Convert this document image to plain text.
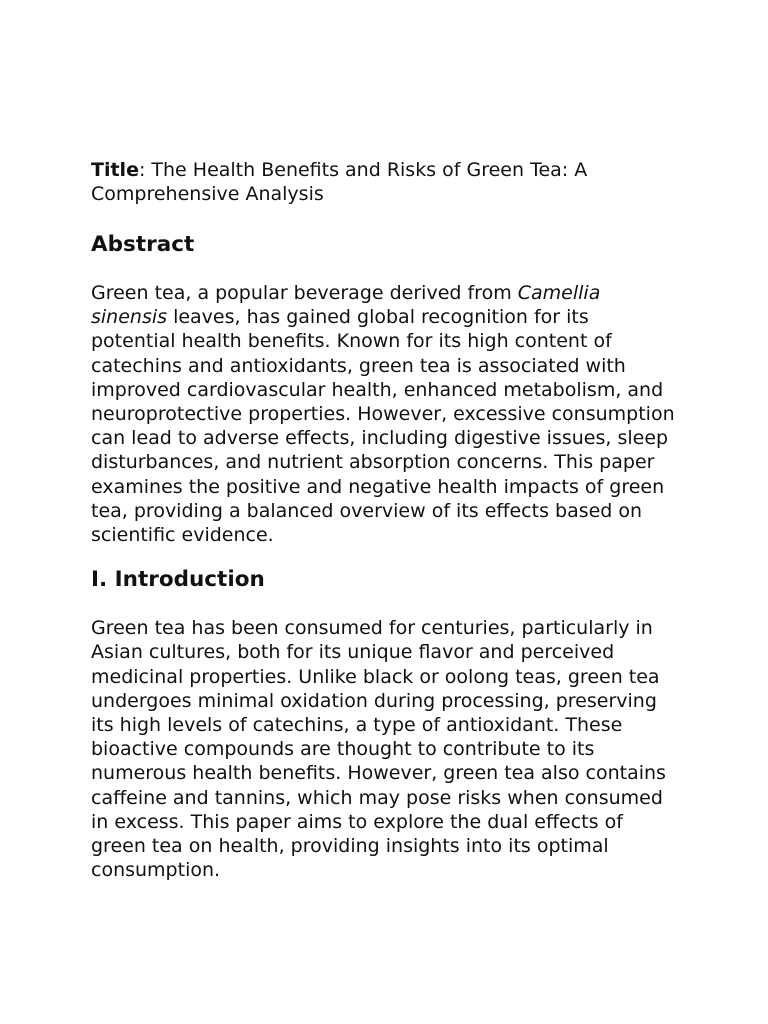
Title: The Health Benefits and Risks of Green Tea: A Comprehensive Analysis

Abstract

Green tea, a popular beverage derived from Camellia sinensis leaves, has gained global recognition for its potential health benefits. Known for its high content of catechins and antioxidants, green tea is associated with improved cardiovascular health, enhanced metabolism, and neuroprotective properties. However, excessive consumption can lead to adverse effects, including digestive issues, sleep disturbances, and nutrient absorption concerns. This paper examines the positive and negative health impacts of green tea, providing a balanced overview of its effects based on scientific evidence.

I. Introduction

Green tea has been consumed for centuries, particularly in Asian cultures, both for its unique flavor and perceived medicinal properties. Unlike black or oolong teas, green tea undergoes minimal oxidation during processing, preserving its high levels of catechins, a type of antioxidant. These bioactive compounds are thought to contribute to its numerous health benefits. However, green tea also contains caffeine and tannins, which may pose risks when consumed in excess. This paper aims to explore the dual effects of green tea on health, providing insights into its optimal consumption.
